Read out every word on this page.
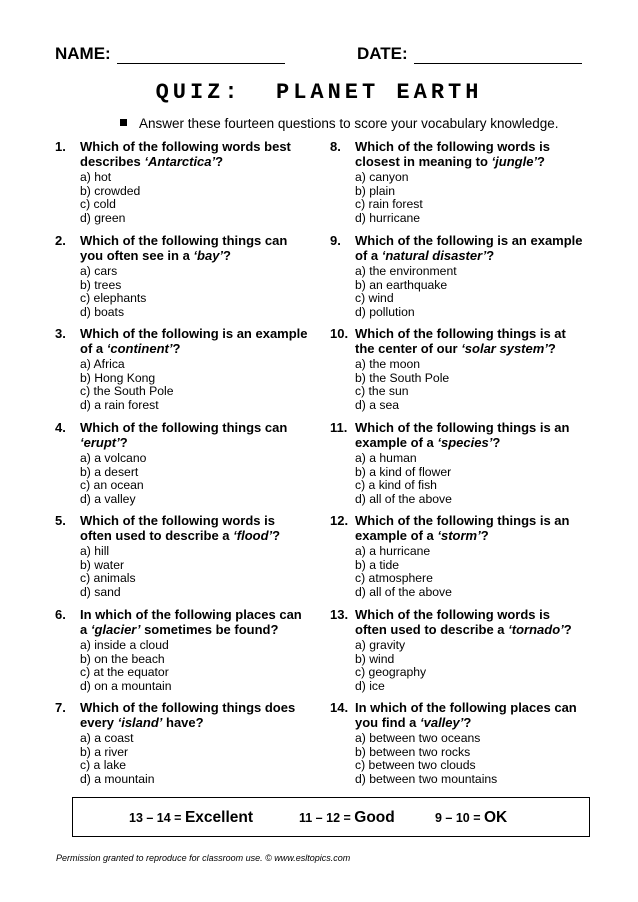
NAME:	DATE:
QUIZ:  PLANET EARTH
Answer these fourteen questions to score your vocabulary knowledge.
1. Which of the following words best describes ‘Antarctica’?
a) hot
b) crowded
c) cold
d) green
2. Which of the following things can you often see in a ‘bay’?
a) cars
b) trees
c) elephants
d) boats
3. Which of the following is an example of a ‘continent’?
a) Africa
b) Hong Kong
c) the South Pole
d) a rain forest
4. Which of the following things can ‘erupt’?
a) a volcano
b) a desert
c) an ocean
d) a valley
5. Which of the following words is often used to describe a ‘flood’?
a) hill
b) water
c) animals
d) sand
6. In which of the following places can a ‘glacier’ sometimes be found?
a) inside a cloud
b) on the beach
c) at the equator
d) on a mountain
7. Which of the following things does every ‘island’ have?
a) a coast
b) a river
c) a lake
d) a mountain
8. Which of the following words is closest in meaning to ‘jungle’?
a) canyon
b) plain
c) rain forest
d) hurricane
9. Which of the following is an example of a ‘natural disaster’?
a) the environment
b) an earthquake
c) wind
d) pollution
10. Which of the following things is at the center of our ‘solar system’?
a) the moon
b) the South Pole
c) the sun
d) a sea
11. Which of the following things is an example of a ‘species’?
a) a human
b) a kind of flower
c) a kind of fish
d) all of the above
12. Which of the following things is an example of a ‘storm’?
a) a hurricane
b) a tide
c) atmosphere
d) all of the above
13. Which of the following words is often used to describe a ‘tornado’?
a) gravity
b) wind
c) geography
d) ice
14. In which of the following places can you find a ‘valley’?
a) between two oceans
b) between two rocks
c) between two clouds
d) between two mountains
13 – 14 = Excellent	11 – 12 = Good	9 – 10 = OK
Permission granted to reproduce for classroom use. © www.esltopics.com
